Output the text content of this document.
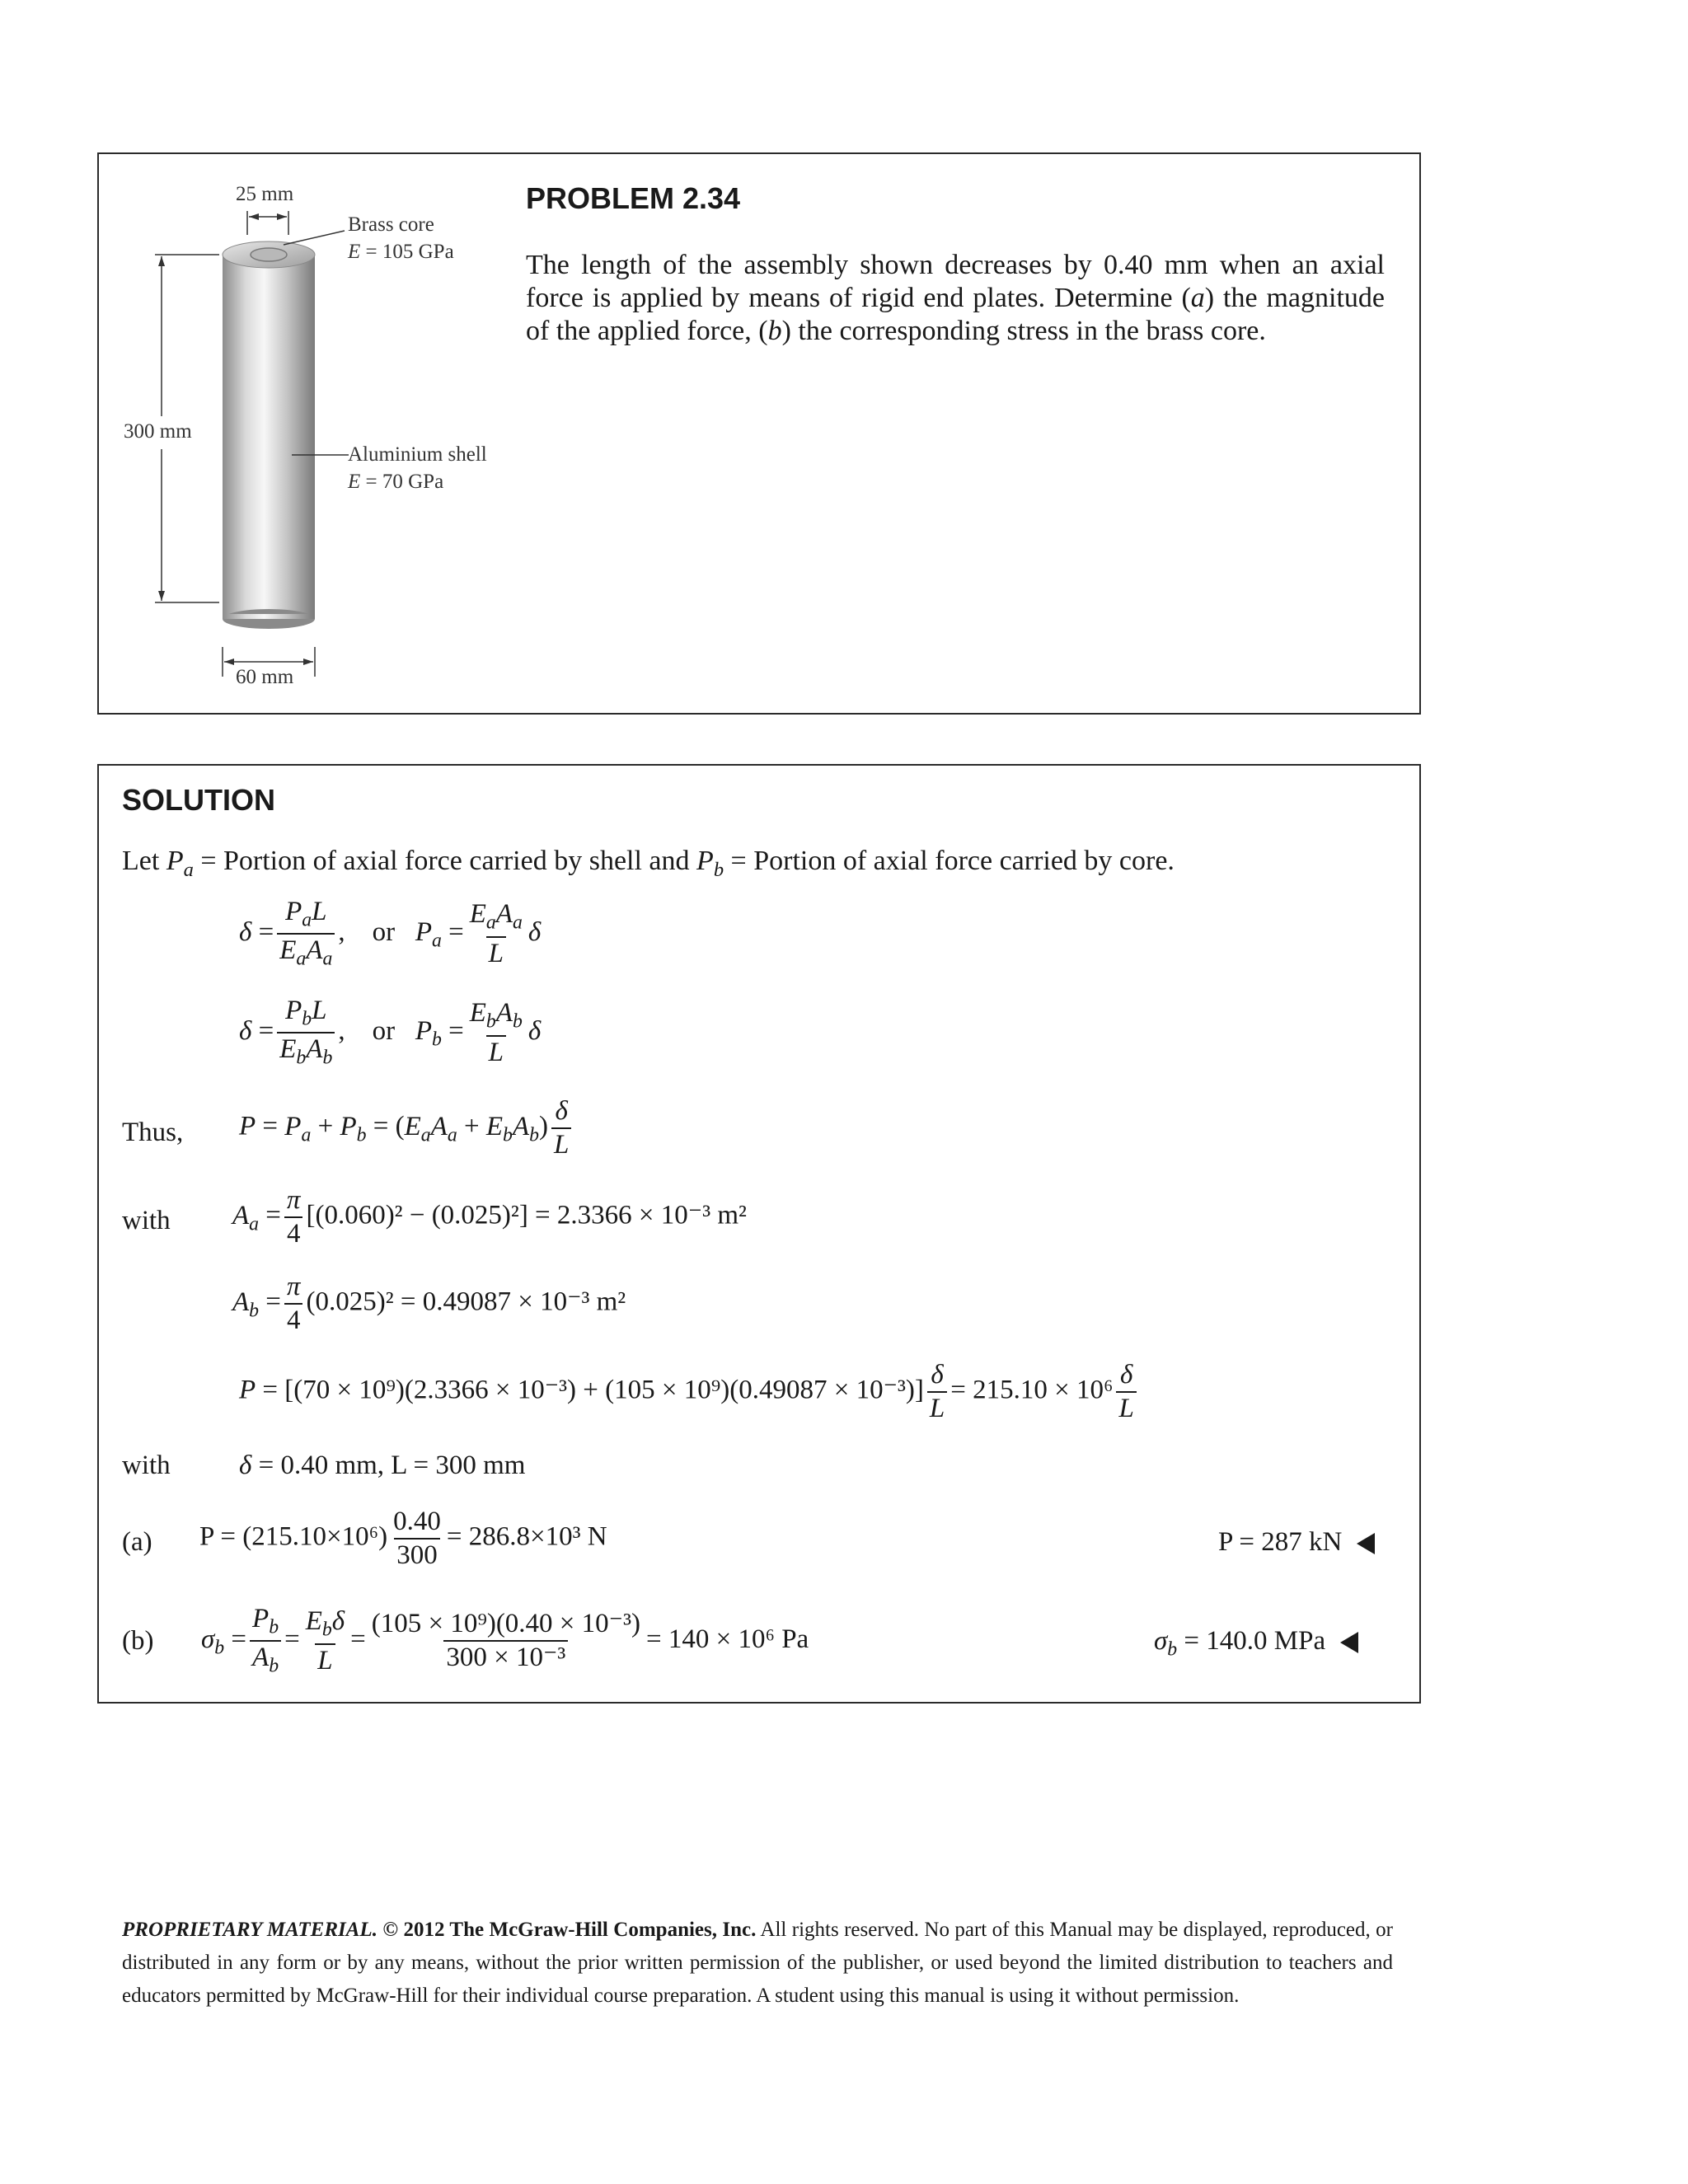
25 mm
Brass core
E = 105 GPa
300 mm
Aluminium shell
E = 70 GPa
60 mm
PROBLEM 2.34
The length of the assembly shown decreases by 0.40 mm when an axial force is applied by means of rigid end plates. Determine (a) the magnitude of the applied force, (b) the corresponding stress in the brass core.
SOLUTION
Let $P_a$ = Portion of axial force carried by shell and $P_b$ = Portion of axial force carried by core.
$\delta = \frac{P_aL}{E_aA_a}$ ,    or   $P_a = \frac{E_aA_a}{L}$ δ
$\delta = \frac{P_bL}{E_bA_b}$ ,    or   $P_b = \frac{E_bA_b}{L}$ δ
Thus, $P = P_a + P_b = (E_aA_a + E_bA_b) \frac{\delta}{L}$
with $A_a = \frac{\pi}{4} [(0.060)^2 - (0.025)^2] = 2.3366 \times 10^{-3}$ m²
$A_b = \frac{\pi}{4} (0.025)^2 = 0.49087 \times 10^{-3}$ m²
$P = [(70 \times 10^9)(2.3366 \times 10^{-3}) + (105 \times 10^9)(0.49087 \times 10^{-3})] \frac{\delta}{L} = 215.10 \times 10^6 \frac{\delta}{L}$
with	δ = 0.40 mm, L = 300 mm
(a) $P = (215.10\times 10^6) \frac{0.40}{300} = 286.8\times 10^3$ N	P = 287 kN
(b) $\sigma_b = \frac{P_b}{A_b} = \frac{E_b\delta}{L} = \frac{\text{(105 × 10⁹)(0.40 × 10⁻³)}}{\text{300 × 10⁻³}} = 140 \times 10^6$ Pa	$\sigma_b = 140.0$ MPa
PROPRIETARY MATERIAL. © 2012 The McGraw-Hill Companies, Inc. All rights reserved. No part of this Manual may be displayed, reproduced, or distributed in any form or by any means, without the prior written permission of the publisher, or used beyond the limited distribution to teachers and educators permitted by McGraw-Hill for their individual course preparation. A student using this manual is using it without permission.
